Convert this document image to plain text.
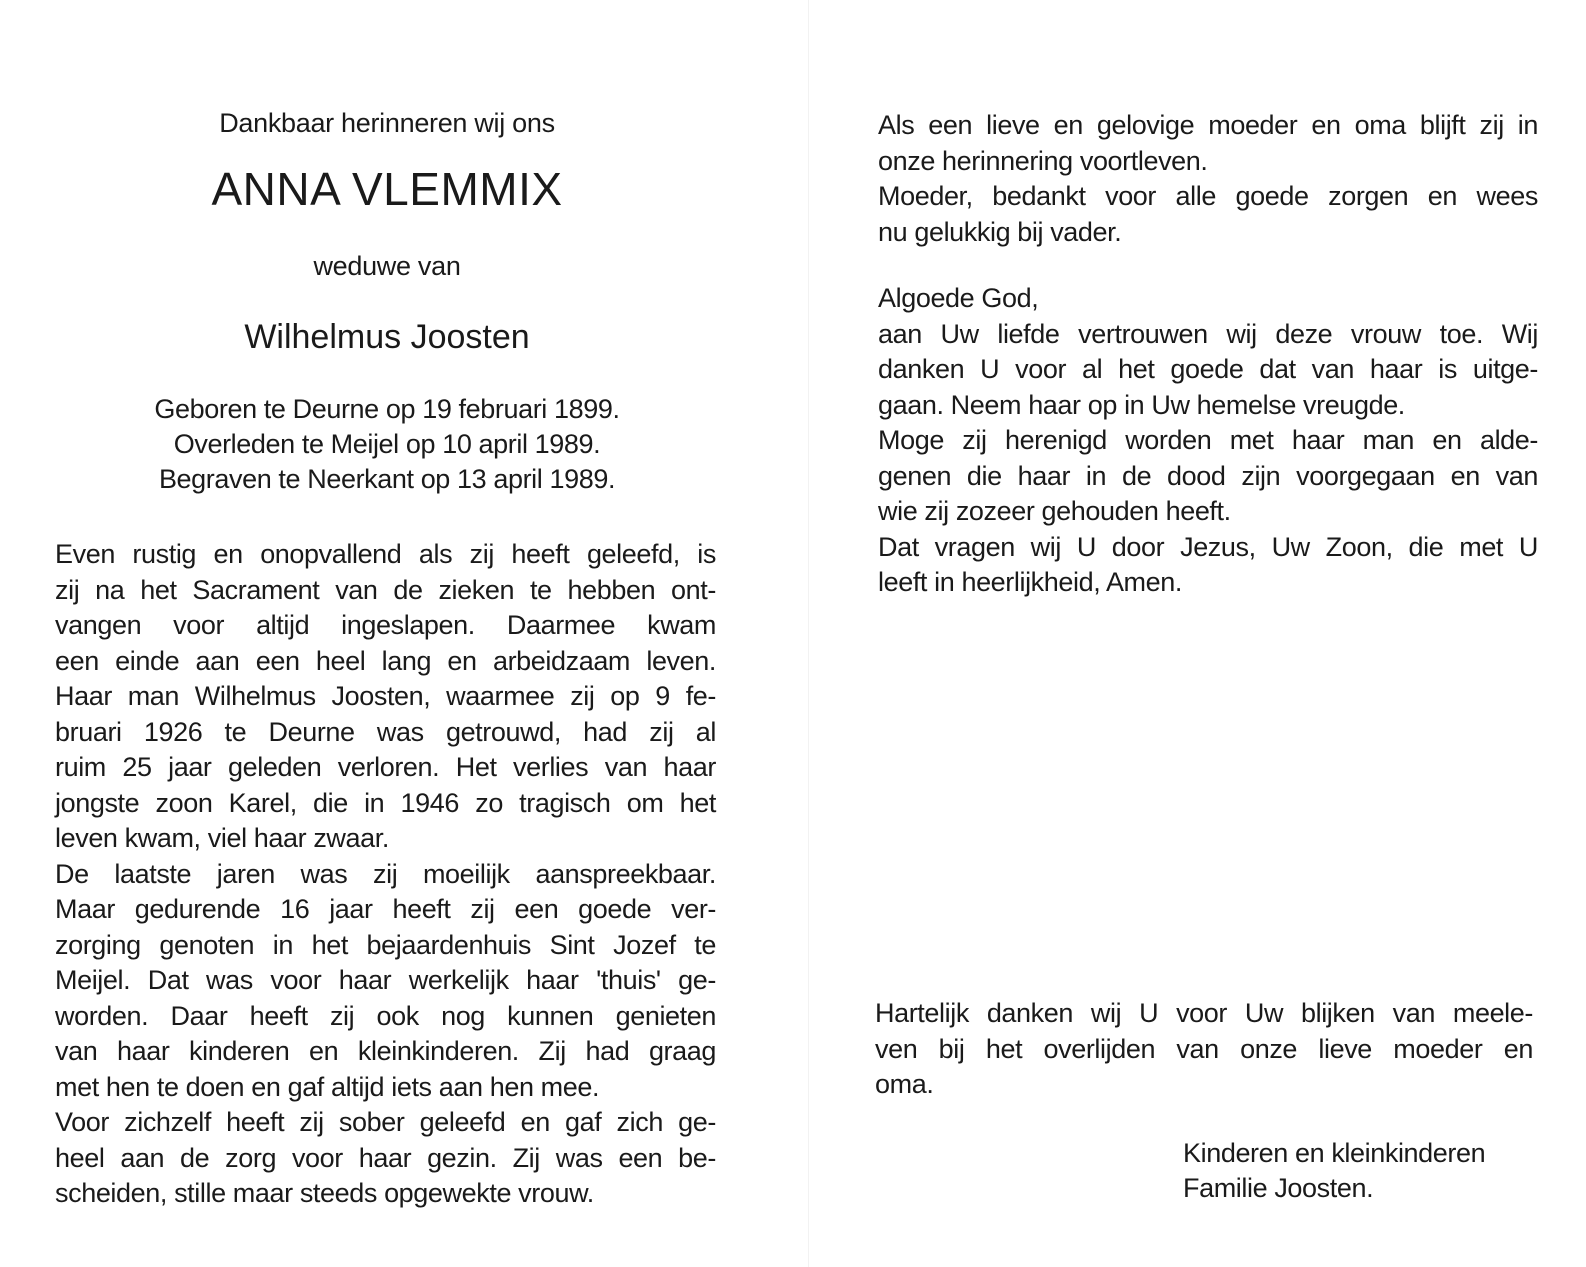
Dankbaar herinneren wij ons
ANNA VLEMMIX
weduwe van
Wilhelmus Joosten
Geboren te Deurne op 19 februari 1899.
Overleden te Meijel op 10 april 1989.
Begraven te Neerkant op 13 april 1989.
Even rustig en onopvallend als zij heeft geleefd, is
zij na het Sacrament van de zieken te hebben ont-
vangen voor altijd ingeslapen. Daarmee kwam
een einde aan een heel lang en arbeidzaam leven.
Haar man Wilhelmus Joosten, waarmee zij op 9 fe-
bruari 1926 te Deurne was getrouwd, had zij al
ruim 25 jaar geleden verloren. Het verlies van haar
jongste zoon Karel, die in 1946 zo tragisch om het
leven kwam, viel haar zwaar.
De laatste jaren was zij moeilijk aanspreekbaar.
Maar gedurende 16 jaar heeft zij een goede ver-
zorging genoten in het bejaardenhuis Sint Jozef te
Meijel. Dat was voor haar werkelijk haar 'thuis' ge-
worden. Daar heeft zij ook nog kunnen genieten
van haar kinderen en kleinkinderen. Zij had graag
met hen te doen en gaf altijd iets aan hen mee.
Voor zichzelf heeft zij sober geleefd en gaf zich ge-
heel aan de zorg voor haar gezin. Zij was een be-
scheiden, stille maar steeds opgewekte vrouw.
Als een lieve en gelovige moeder en oma blijft zij in
onze herinnering voortleven.
Moeder, bedankt voor alle goede zorgen en wees
nu gelukkig bij vader.
Algoede God,
aan Uw liefde vertrouwen wij deze vrouw toe. Wij
danken U voor al het goede dat van haar is uitge-
gaan. Neem haar op in Uw hemelse vreugde.
Moge zij herenigd worden met haar man en alde-
genen die haar in de dood zijn voorgegaan en van
wie zij zozeer gehouden heeft.
Dat vragen wij U door Jezus, Uw Zoon, die met U
leeft in heerlijkheid, Amen.
Hartelijk danken wij U voor Uw blijken van meele-
ven bij het overlijden van onze lieve moeder en
oma.
Kinderen en kleinkinderen
Familie Joosten.
